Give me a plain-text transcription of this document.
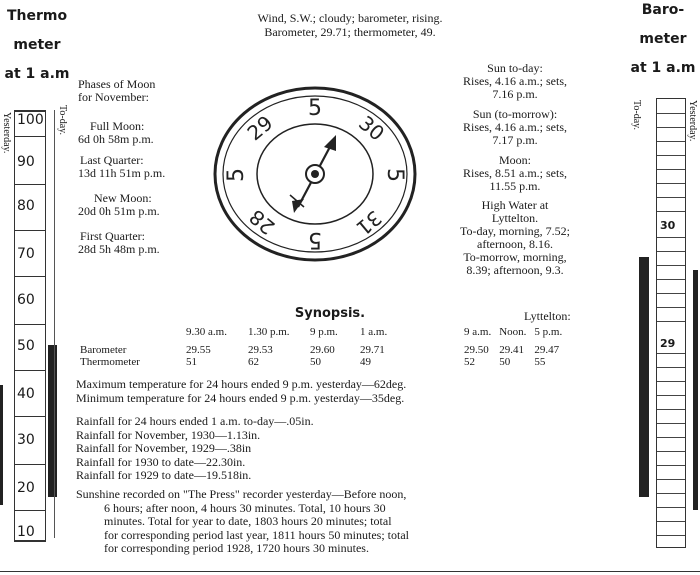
Thermo
meter
at 1 a.m
Yesterday.	To-day.
100
90
80
70
60
50
40
30
20
10
Wind, S.W.; cloudy; barometer, rising.
Barometer, 29.71; thermometer, 49.
Phases of Moon
for November:
Full Moon:
6d 0h 58m p.m.
Last Quarter:
13d 11h 51m p.m.
New Moon:
20d 0h 51m p.m.
First Quarter:
28d 5h 48m p.m.
5
30
5
31
5
28
5
29
Sun to-day:
Rises, 4.16 a.m.; sets,
7.16 p.m.
Sun (to-morrow):
Rises, 4.16 a.m.; sets,
7.17 p.m.
Moon:
Rises, 8.51 a.m.; sets,
11.55 p.m.
High Water at
Lyttelton.
To-day, morning, 7.52;
afternoon, 8.16.
To-morrow, morning,
8.39; afternoon, 9.3.
Synopsis.	Lyttelton:
	9.30 a.m.	1.30 p.m.	9 p.m.	1 a.m.		9 a.m.	Noon.	5 p.m.

Barometer	29.55	29.53	29.60	29.71		29.50	29.41	29.47
Thermometer	51	62	50	49		52	50	55
Maximum temperature for 24 hours ended 9 p.m. yesterday—62deg.
Minimum temperature for 24 hours ended 9 p.m. yesterday—35deg.
Rainfall for 24 hours ended 1 a.m. to-day—.05in.
Rainfall for November, 1930—1.13in.
Rainfall for November, 1929—.38in
Rainfall for 1930 to date—22.30in.
Rainfall for 1929 to date—19.518in.
Sunshine recorded on "The Press" recorder yesterday—Before noon,
6 hours; after noon, 4 hours 30 minutes. Total, 10 hours 30
minutes. Total for year to date, 1803 hours 20 minutes; total
for corresponding period last year, 1811 hours 50 minutes; total
for corresponding period 1928, 1720 hours 30 minutes.
Baro-
meter
at 1 a.m
To-day.	Yesterday.
30
29
